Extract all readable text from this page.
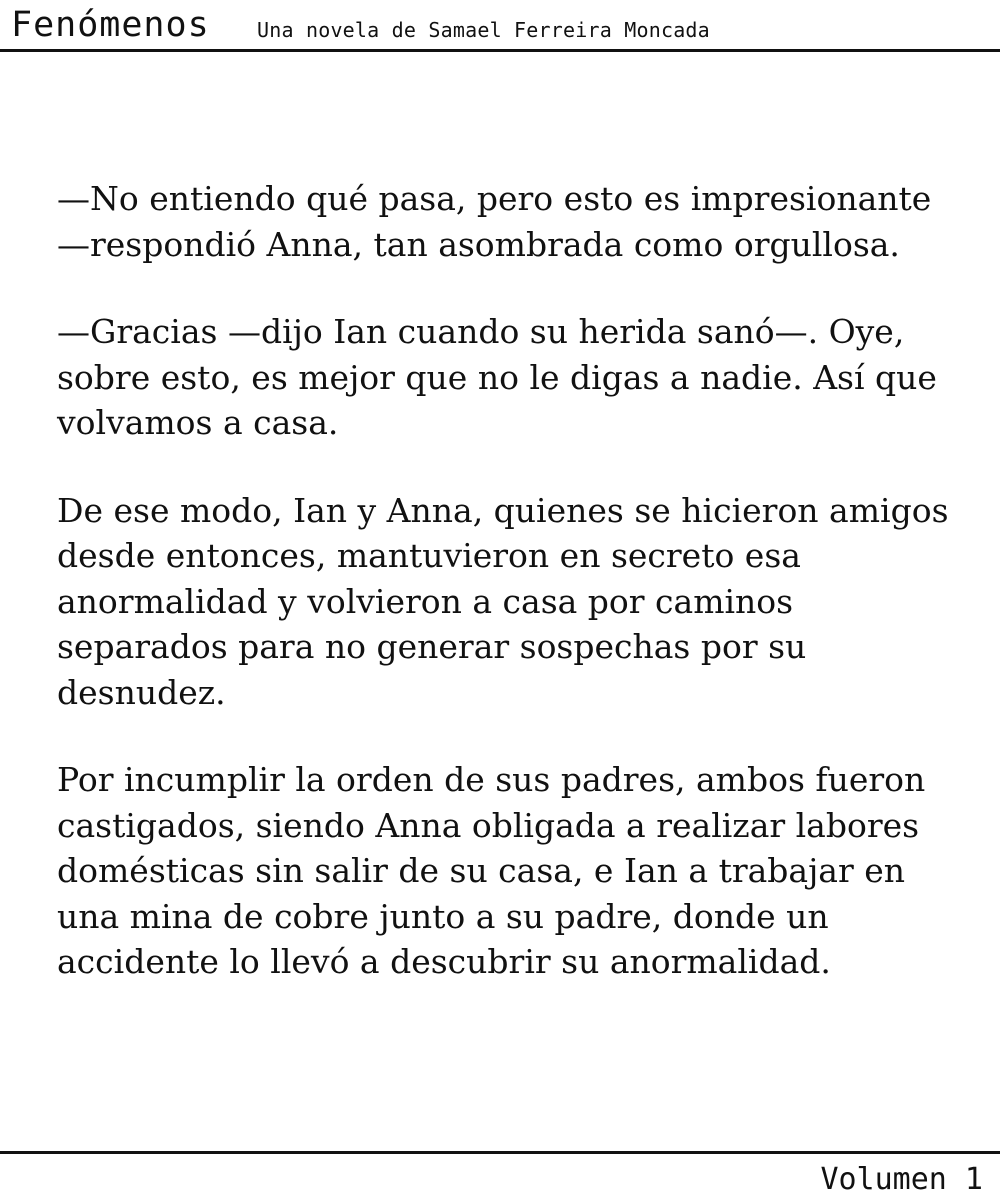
Fenómenos Una novela de Samael Ferreira Moncada

—No entiendo qué pasa, pero esto es impresionante —respondió Anna, tan asombrada como orgullosa.

—Gracias —dijo Ian cuando su herida sanó—. Oye, sobre esto, es mejor que no le digas a nadie. Así que volvamos a casa.

De ese modo, Ian y Anna, quienes se hicieron amigos desde entonces, mantuvieron en secreto esa anormalidad y volvieron a casa por caminos separados para no generar sospechas por su desnudez.

Por incumplir la orden de sus padres, ambos fueron castigados, siendo Anna obligada a realizar labores domésticas sin salir de su casa, e Ian a trabajar en una mina de cobre junto a su padre, donde un accidente lo llevó a descubrir su anormalidad.

Volumen 1
